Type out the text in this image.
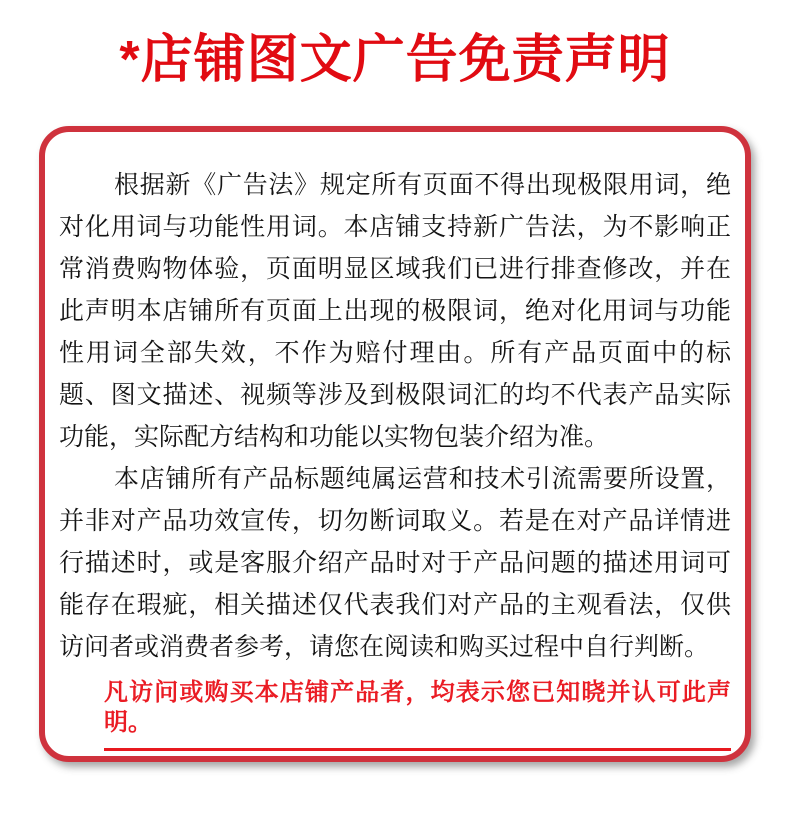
*店铺图文广告免责声明

根据新《广告法》规定所有页面不得出现极限用词，绝对化用词与功能性用词。本店铺支持新广告法，为不影响正常消费购物体验，页面明显区域我们已进行排查修改，并在此声明本店铺所有页面上出现的极限词，绝对化用词与功能性用词全部失效，不作为赔付理由。所有产品页面中的标题、图文描述、视频等涉及到极限词汇的均不代表产品实际功能，实际配方结构和功能以实物包装介绍为准。

本店铺所有产品标题纯属运营和技术引流需要所设置，并非对产品功效宣传，切勿断词取义。若是在对产品详情进行描述时，或是客服介绍产品时对于产品问题的描述用词可能存在瑕疵，相关描述仅代表我们对产品的主观看法，仅供访问者或消费者参考，请您在阅读和购买过程中自行判断。

凡访问或购买本店铺产品者，均表示您已知晓并认可此声明。
